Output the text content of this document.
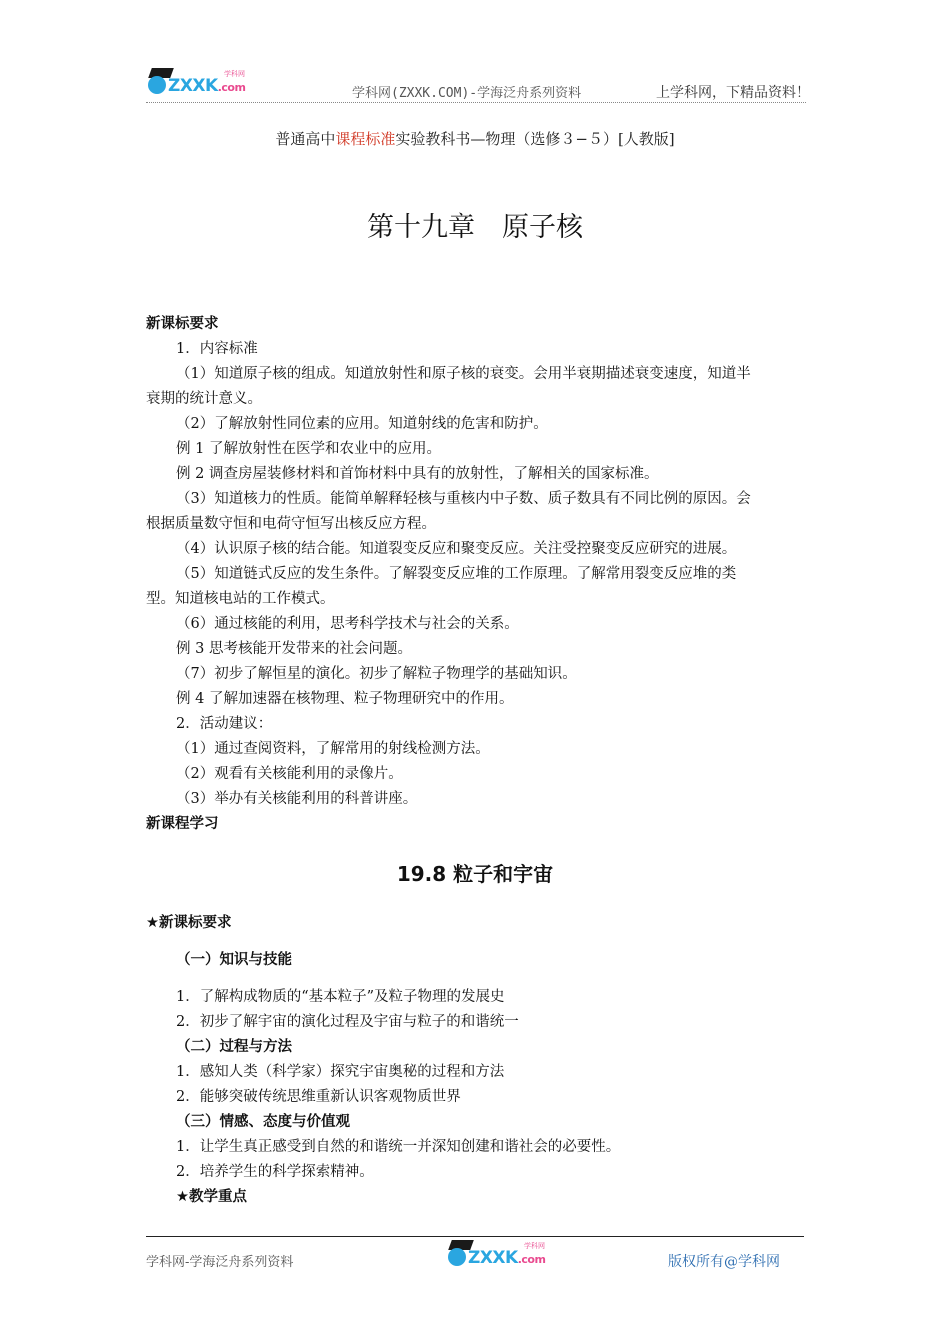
ZXXK.com
学科网
学科网(ZXXK.COM)-学海泛舟系列资料	上学科网，下精品资料！
普通高中课程标准实验教科书—物理（选修３−５）[人教版]
第十九章　原子核
新课标要求
1．内容标准
（1）知道原子核的组成。知道放射性和原子核的衰变。会用半衰期描述衰变速度，知道半
衰期的统计意义。
（2）了解放射性同位素的应用。知道射线的危害和防护。
例 1 了解放射性在医学和农业中的应用。
例 2 调查房屋装修材料和首饰材料中具有的放射性，了解相关的国家标准。
（3）知道核力的性质。能简单解释轻核与重核内中子数、质子数具有不同比例的原因。会
根据质量数守恒和电荷守恒写出核反应方程。
（4）认识原子核的结合能。知道裂变反应和聚变反应。关注受控聚变反应研究的进展。
（5）知道链式反应的发生条件。了解裂变反应堆的工作原理。了解常用裂变反应堆的类
型。知道核电站的工作模式。
（6）通过核能的利用，思考科学技术与社会的关系。
例 3 思考核能开发带来的社会问题。
（7）初步了解恒星的演化。初步了解粒子物理学的基础知识。
例 4 了解加速器在核物理、粒子物理研究中的作用。
2．活动建议：
（1）通过查阅资料，了解常用的射线检测方法。
（2）观看有关核能利用的录像片。
（3）举办有关核能利用的科普讲座。
新课程学习
19.8 粒子和宇宙
★新课标要求
（一）知识与技能
1．了解构成物质的“基本粒子”及粒子物理的发展史
2．初步了解宇宙的演化过程及宇宙与粒子的和谐统一
（二）过程与方法
1．感知人类（科学家）探究宇宙奥秘的过程和方法
2．能够突破传统思维重新认识客观物质世界
（三）情感、态度与价值观
1．让学生真正感受到自然的和谐统一并深知创建和谐社会的必要性。
2．培养学生的科学探索精神。
★教学重点
学科网-学海泛舟系列资料	ZXXK.com
学科网
版权所有@学科网
